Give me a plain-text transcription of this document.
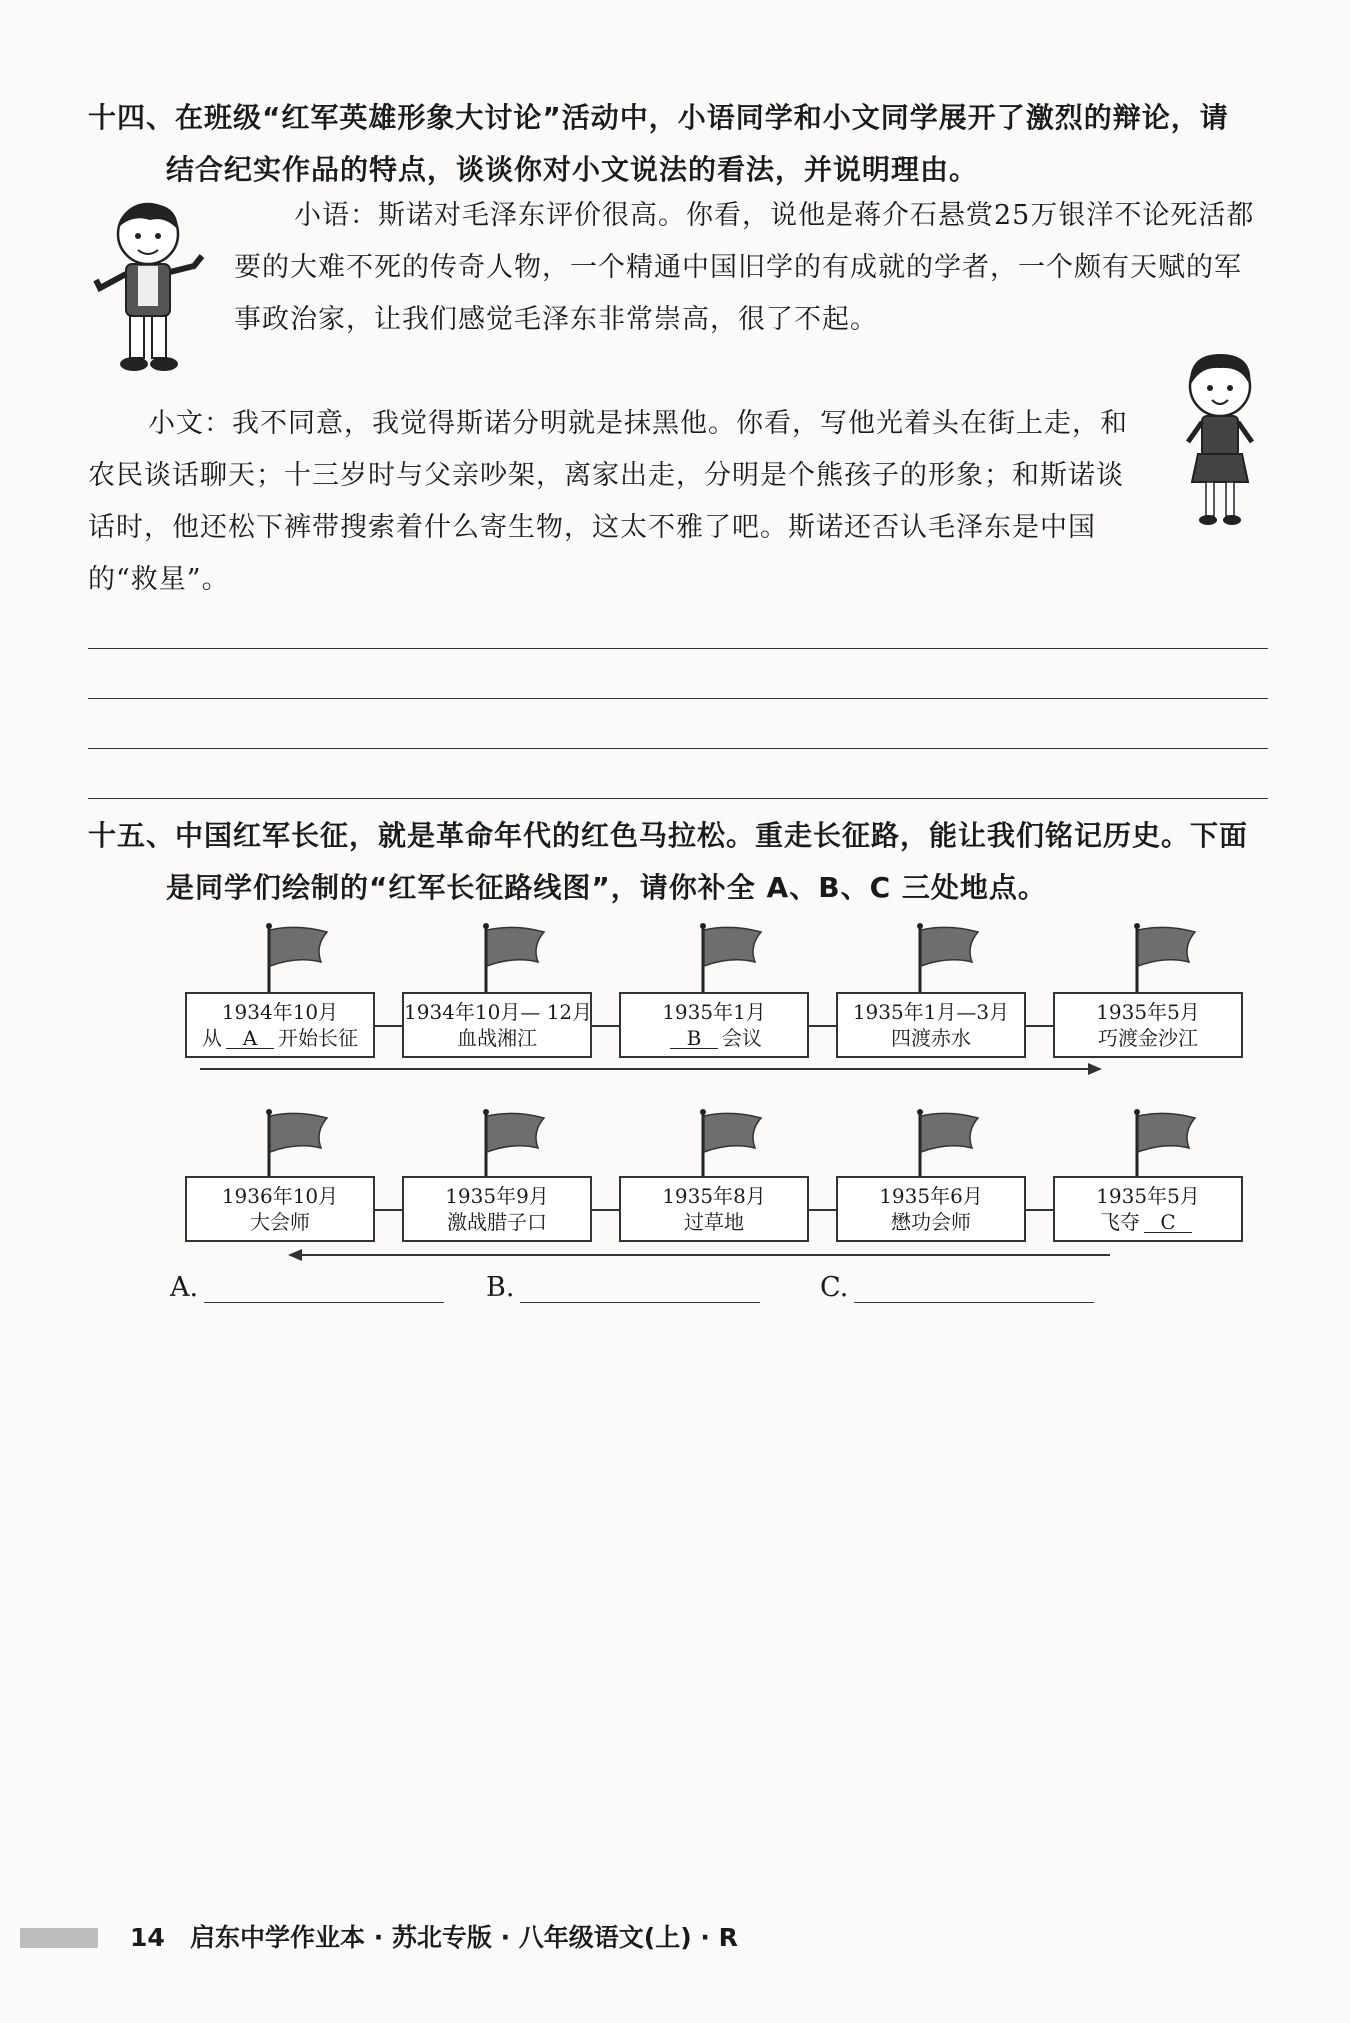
十四、在班级“红军英雄形象大讨论”活动中，小语同学和小文同学展开了激烈的辩论，请
结合纪实作品的特点，谈谈你对小文说法的看法，并说明理由。
小语：斯诺对毛泽东评价很高。你看，说他是蒋介石悬赏25万银洋不论死活都要的大难不死的传奇人物，一个精通中国旧学的有成就的学者，一个颇有天赋的军事政治家，让我们感觉毛泽东非常崇高，很了不起。
小文：我不同意，我觉得斯诺分明就是抹黑他。你看，写他光着头在街上走，和农民谈话聊天；十三岁时与父亲吵架，离家出走，分明是个熊孩子的形象；和斯诺谈话时，他还松下裤带搜索着什么寄生物，这太不雅了吧。斯诺还否认毛泽东是中国的“救星”。
十五、中国红军长征，就是革命年代的红色马拉松。重走长征路，能让我们铭记历史。下面
是同学们绘制的“红军长征路线图”，请你补全 A、B、C 三处地点。
1934年10月
从 A 开始长征
1934年10月— 12月
血战湘江
1935年1月
B 会议
1935年1月—3月
四渡赤水
1935年5月
巧渡金沙江
1936年10月
大会师
1935年9月
激战腊子口
1935年8月
过草地
1935年6月
懋功会师
1935年5月
飞夺 C
A.	B.	C.
14 启东中学作业本 · 苏北专版 · 八年级语文(上) · R
